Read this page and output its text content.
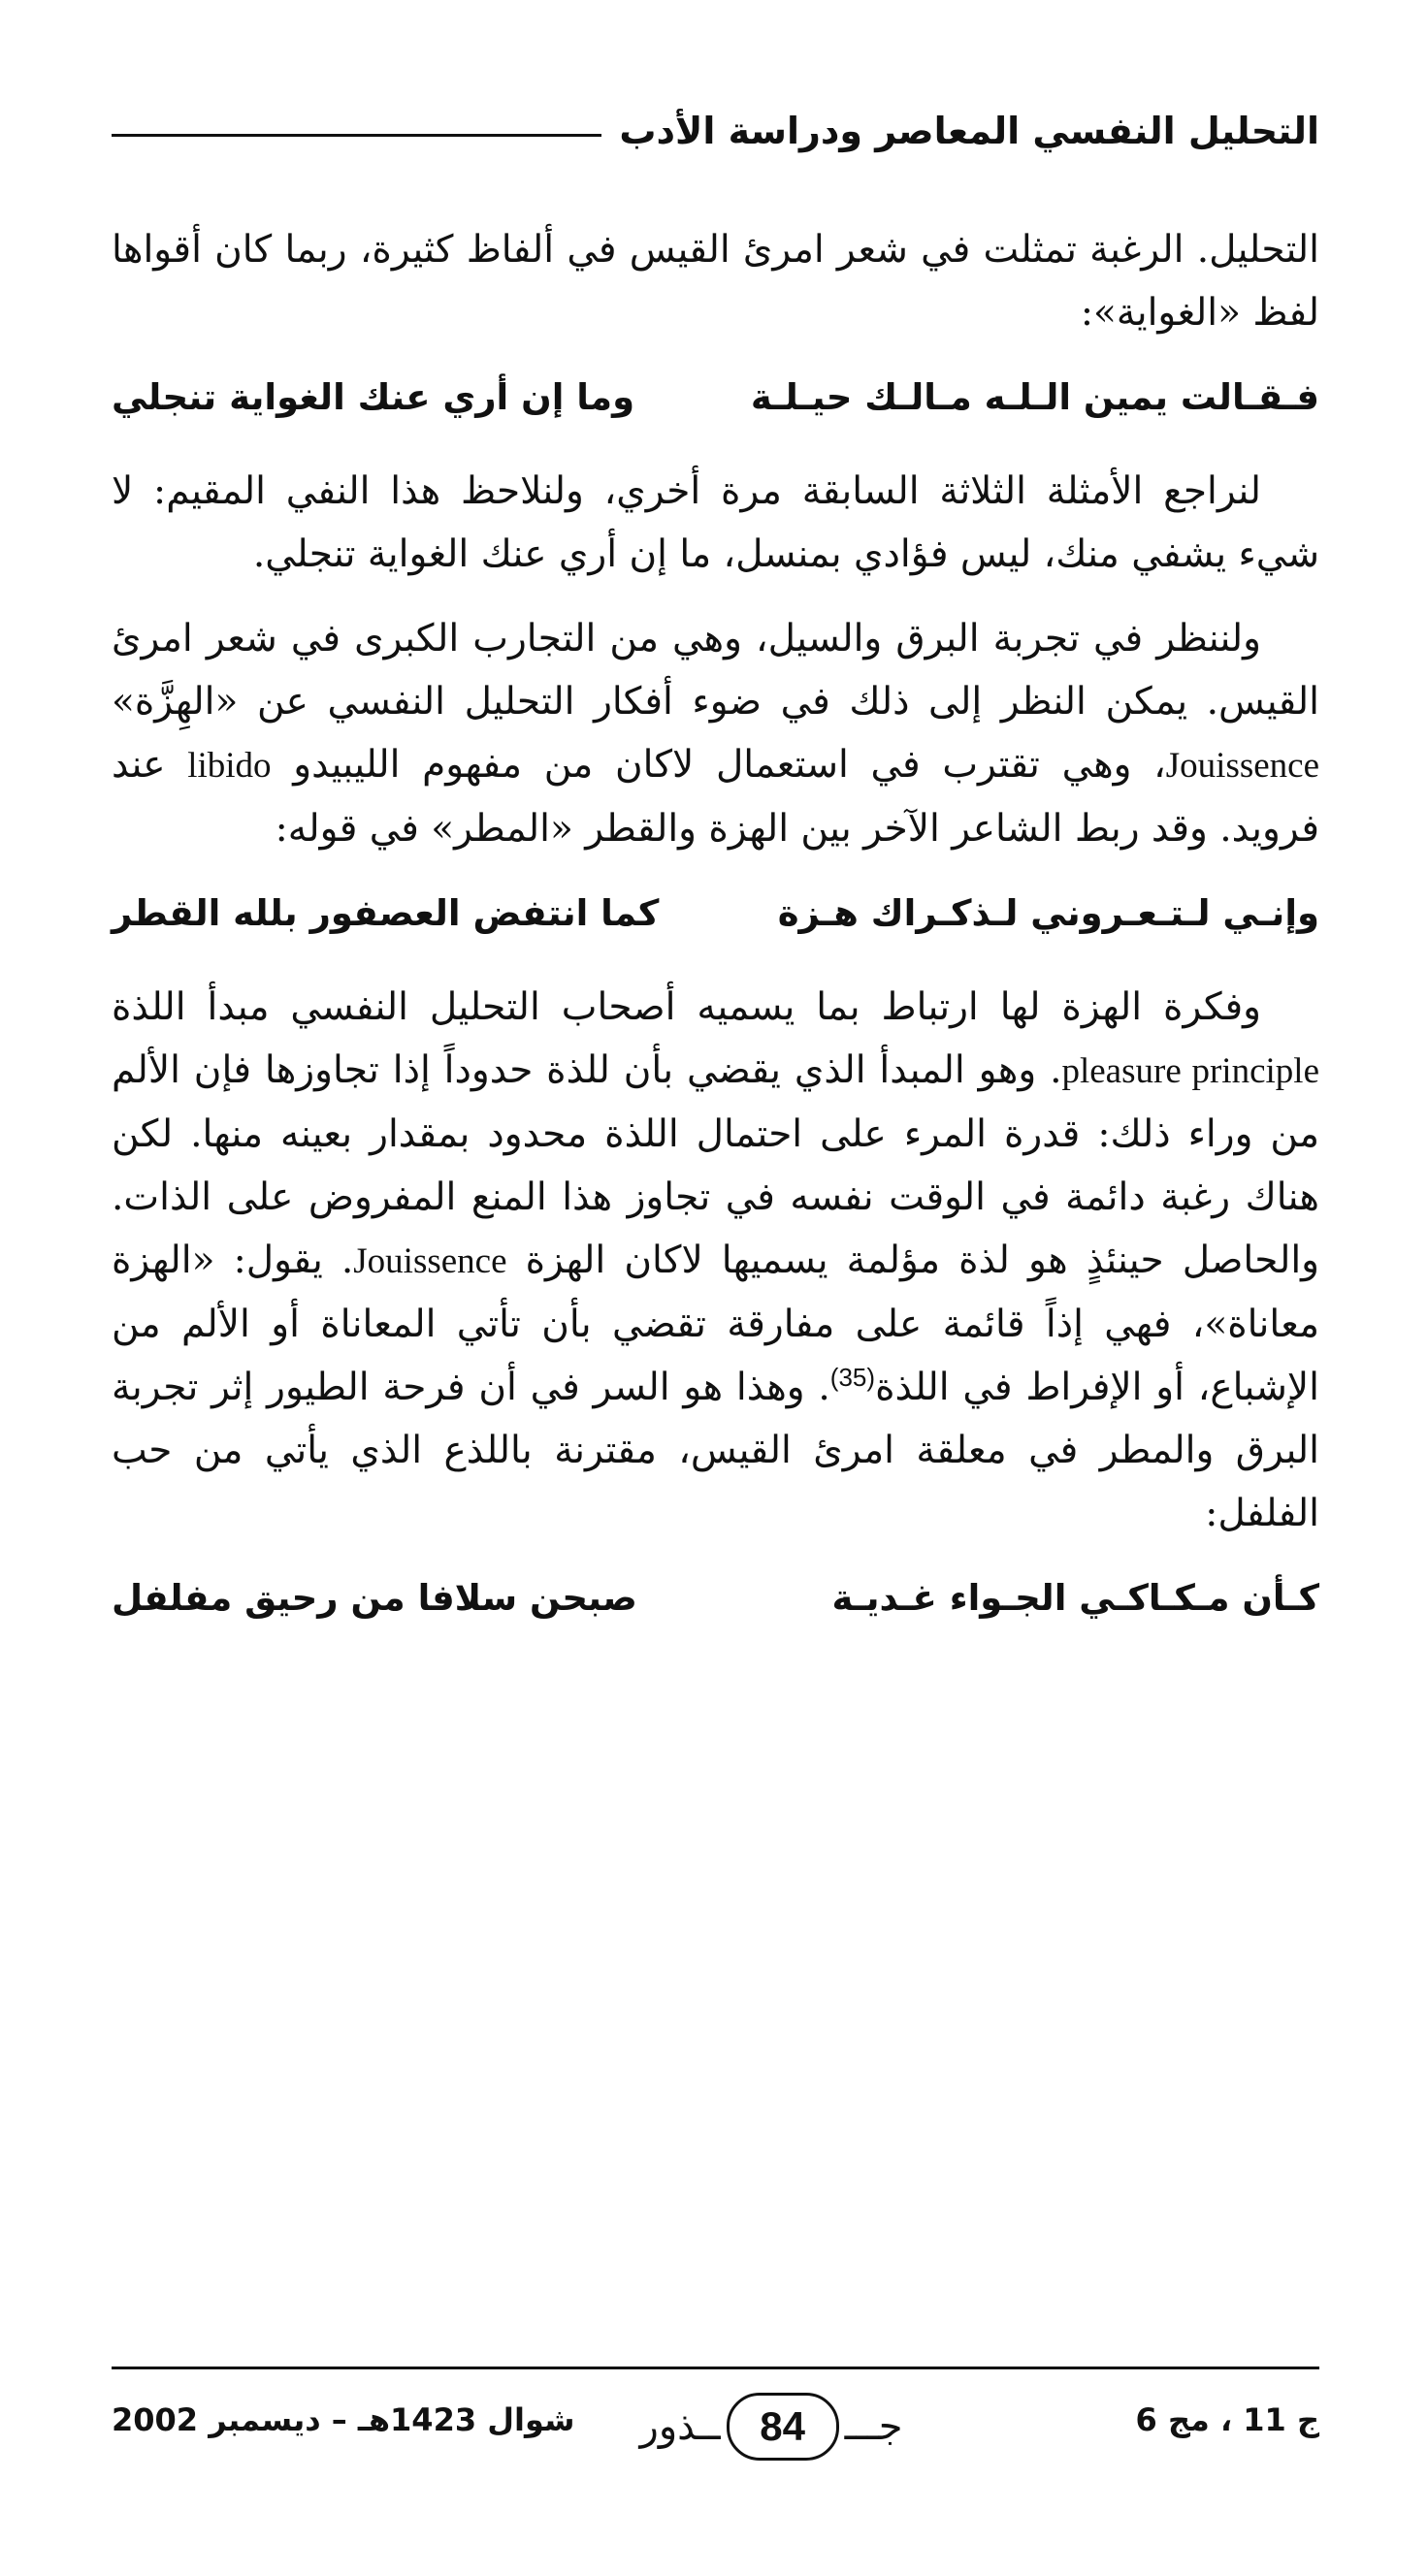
التحليل النفسي المعاصر ودراسة الأدب

التحليل. الرغبة تمثلت في شعر امرئ القيس في ألفاظ كثيرة، ربما كان أقواها لفظ «الغواية»:

فـقـالت يمين الـلـه مـالـك حيـلـة
وما إن أري عنك الغواية تنجلي

لنراجع الأمثلة الثلاثة السابقة مرة أخري، ولنلاحظ هذا النفي المقيم: لا شيء يشفي منك، ليس فؤادي بمنسل، ما إن أري عنك الغواية تنجلي.

ولننظر في تجربة البرق والسيل، وهي من التجارب الكبرى في شعر امرئ القيس. يمكن النظر إلى ذلك في ضوء أفكار التحليل النفسي عن «الهِزَّة» Jouissence، وهي تقترب في استعمال لاكان من مفهوم الليبيدو libido عند فرويد. وقد ربط الشاعر الآخر بين الهزة والقطر «المطر» في قوله:

وإنـي لـتـعـروني لـذكـراك هـزة
كما انتفض العصفور بلله القطر

وفكرة الهزة لها ارتباط بما يسميه أصحاب التحليل النفسي مبدأ اللذة pleasure principle. وهو المبدأ الذي يقضي بأن للذة حدوداً إذا تجاوزها فإن الألم من وراء ذلك: قدرة المرء على احتمال اللذة محدود بمقدار بعينه منها. لكن هناك رغبة دائمة في الوقت نفسه في تجاوز هذا المنع المفروض على الذات. والحاصل حينئذٍ هو لذة مؤلمة يسميها لاكان الهزة Jouissence. يقول: «الهزة معاناة»، فهي إذاً قائمة على مفارقة تقضي بأن تأتي المعاناة أو الألم من الإشباع، أو الإفراط في اللذة$^{(35)}$. وهذا هو السر في أن فرحة الطيور إثر تجربة البرق والمطر في معلقة امرئ القيس، مقترنة باللذع الذي يأتي من حب الفلفل:

كـأن مـكـاكـي الجـواء غـديـة
صبحن سلافا من رحيق مفلفل
ج 11 ، مج 6
ــذور 84	جـــ
شوال 1423هـ – ديسمبر 2002
